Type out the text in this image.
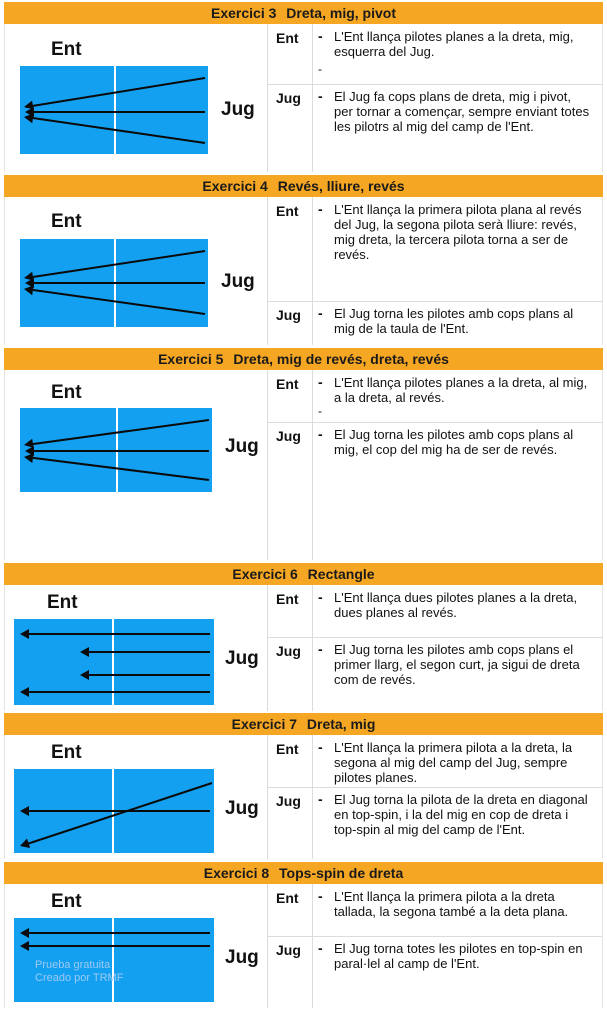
Exercici 3 Dreta, mig, pivot
Ent
Jug
Ent - L'Ent llança pilotes planes a la dreta, mig, esquerra del Jug.
-
Jug - El Jug fa cops plans de dreta, mig i pivot, per tornar a començar, sempre enviant totes les pilotrs al mig del camp de l'Ent.
Exercici 4 Revés, lliure, revés
Ent
Jug
Ent - L'Ent llança la primera pilota plana al revés del Jug, la segona pilota serà lliure: revés, mig dreta, la tercera pilota torna a ser de revés.
Jug - El Jug torna les pilotes amb cops plans al mig de la taula de l'Ent.
Exercici 5 Dreta, mig de revés, dreta, revés
Ent
Jug
Ent - L'Ent llança pilotes planes a la dreta, al mig, a la dreta, al revés.
-
Jug - El Jug torna les pilotes amb cops plans al mig, el cop del mig ha de ser de revés.
Exercici 6 Rectangle
Ent
Jug
Ent - L'Ent llança dues pilotes planes a la dreta, dues planes al revés.
Jug - El Jug torna les pilotes amb cops plans el primer llarg, el segon curt, ja sigui de dreta com de revés.
Exercici 7 Dreta, mig
Ent
Jug
Ent - L'Ent llança la primera pilota a la dreta, la segona al mig del camp del Jug, sempre pilotes planes.
Jug - El Jug torna la pilota de la dreta en diagonal en top-spin, i la del mig en cop de dreta i top-spin al mig del camp de l'Ent.
Exercici 8 Tops-spin de dreta
Ent
Prueba gratuita
Creado por TRMF
Jug
Ent - L'Ent llança la primera pilota a la dreta tallada, la segona també a la deta plana.
Jug - El Jug torna totes les pilotes en top-spin en paral·lel al camp de l'Ent.
